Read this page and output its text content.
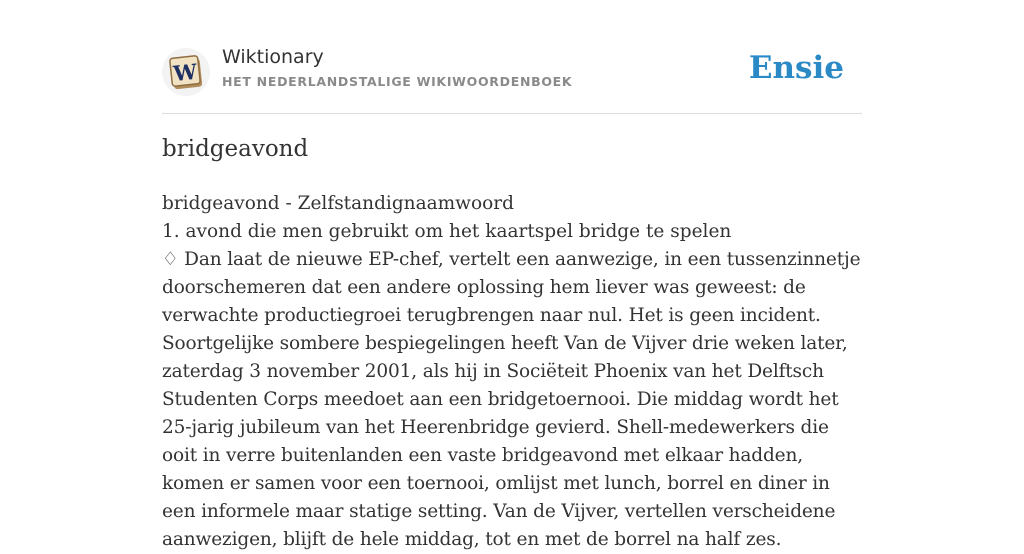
W
Wiktionary
HET NEDERLANDSTALIGE WIKIWOORDENBOEK	Ensie
bridgeavond

bridgeavond - Zelfstandignaamwoord

1. avond die men gebruikt om het kaartspel bridge te spelen

♢ Dan laat de nieuwe EP-chef, vertelt een aanwezige, in een tussenzinnetje doorschemeren dat een andere oplossing hem liever was geweest: de verwachte productiegroei terugbrengen naar nul. Het is geen incident. Soortgelijke sombere bespiegelingen heeft Van de Vijver drie weken later, zaterdag 3 november 2001, als hij in Sociëteit Phoenix van het Delftsch Studenten Corps meedoet aan een bridgetoernooi. Die middag wordt het 25-jarig jubileum van het Heerenbridge gevierd. Shell-medewerkers die ooit in verre buitenlanden een vaste bridgeavond met elkaar hadden, komen er samen voor een toernooi, omlijst met lunch, borrel en diner in een informele maar statige setting. Van de Vijver, vertellen verscheidene aanwezigen, blijft de hele middag, tot en met de borrel na half zes.
